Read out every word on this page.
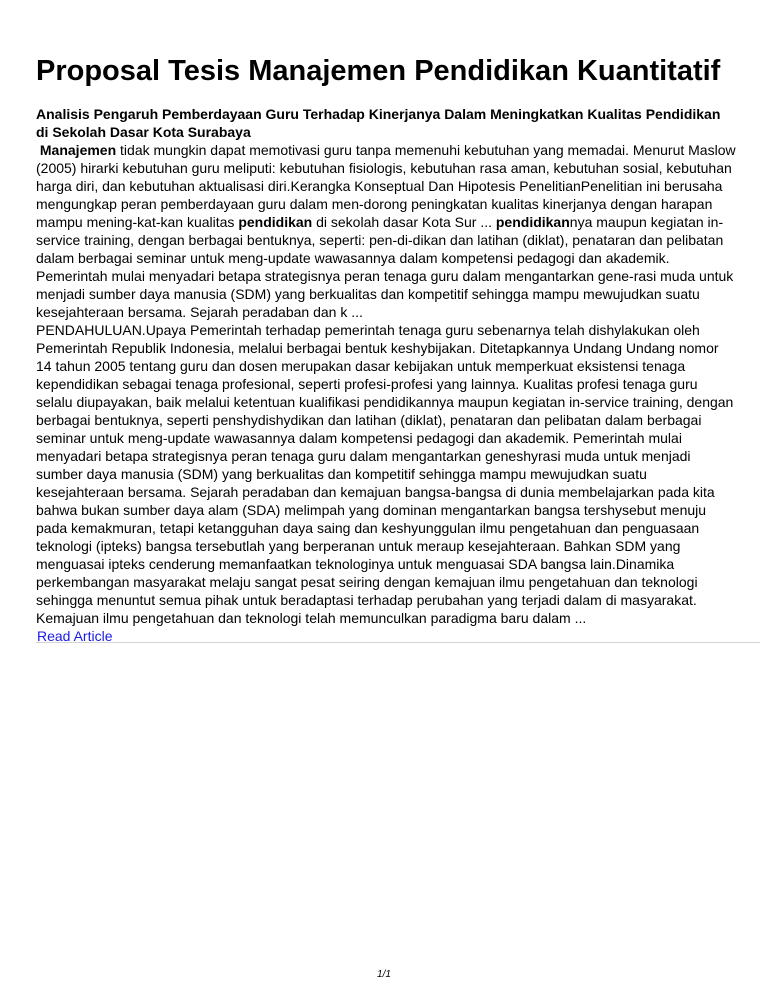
Proposal Tesis Manajemen Pendidikan Kuantitatif

Analisis Pengaruh Pemberdayaan Guru Terhadap Kinerjanya Dalam Meningkatkan Kualitas Pendidikan di Sekolah Dasar Kota Surabaya

Manajemen tidak mungkin dapat memotivasi guru tanpa memenuhi kebutuhan yang memadai. Menurut Maslow (2005) hirarki kebutuhan guru meliputi: kebutuhan fisiologis, kebutuhan rasa aman, kebutuhan sosial, kebutuhan harga diri, dan kebutuhan aktualisasi diri.Kerangka Konseptual Dan Hipotesis PenelitianPenelitian ini berusaha mengungkap peran pemberdayaan guru dalam men-dorong peningkatan kualitas kinerjanya dengan harapan mampu mening-kat-kan kualitas pendidikan di sekolah dasar Kota Sur ... pendidikannya maupun kegiatan in-service training, dengan berbagai bentuknya, seperti: pen-di-dikan dan latihan (diklat), penataran dan pelibatan dalam berbagai seminar untuk meng-update wawasannya dalam kompetensi pedagogi dan akademik. Pemerintah mulai menyadari betapa strategisnya peran tenaga guru dalam mengantarkan gene-rasi muda untuk menjadi sumber daya manusia (SDM) yang berkualitas dan kompetitif sehingga mampu mewujudkan suatu kesejahteraan bersama. Sejarah peradaban dan k ...

PENDAHULUAN.Upaya Pemerintah terhadap pemerintah tenaga guru sebenarnya telah dishylakukan oleh Pemerintah Republik Indonesia, melalui berbagai bentuk keshybijakan. Ditetapkannya Undang Undang nomor 14 tahun 2005 tentang guru dan dosen merupakan dasar kebijakan untuk memperkuat eksistensi tenaga kependidikan sebagai tenaga profesional, seperti profesi-profesi yang lainnya. Kualitas profesi tenaga guru selalu diupayakan, baik melalui ketentuan kualifikasi pendidikannya maupun kegiatan in-service training, dengan berbagai bentuknya, seperti penshydishydikan dan latihan (diklat), penataran dan pelibatan dalam berbagai seminar untuk meng-update wawasannya dalam kompetensi pedagogi dan akademik. Pemerintah mulai menyadari betapa strategisnya peran tenaga guru dalam mengantarkan geneshyrasi muda untuk menjadi sumber daya manusia (SDM) yang berkualitas dan kompetitif sehingga mampu mewujudkan suatu kesejahteraan bersama. Sejarah peradaban dan kemajuan bangsa-bangsa di dunia membelajarkan pada kita bahwa bukan sumber daya alam (SDA) melimpah yang dominan mengantarkan bangsa tershysebut menuju pada kemakmuran, tetapi ketangguhan daya saing dan keshyunggulan ilmu pengetahuan dan penguasaan teknologi (ipteks) bangsa tersebutlah yang berperanan untuk meraup kesejahteraan. Bahkan SDM yang menguasai ipteks cenderung memanfaatkan teknologinya untuk menguasai SDA bangsa lain.Dinamika perkembangan masyarakat melaju sangat pesat seiring dengan kemajuan ilmu pengetahuan dan teknologi sehingga menuntut semua pihak untuk beradaptasi terhadap perubahan yang terjadi dalam di masyarakat. Kemajuan ilmu pengetahuan dan teknologi telah memunculkan paradigma baru dalam ...

Read Article
1/1
